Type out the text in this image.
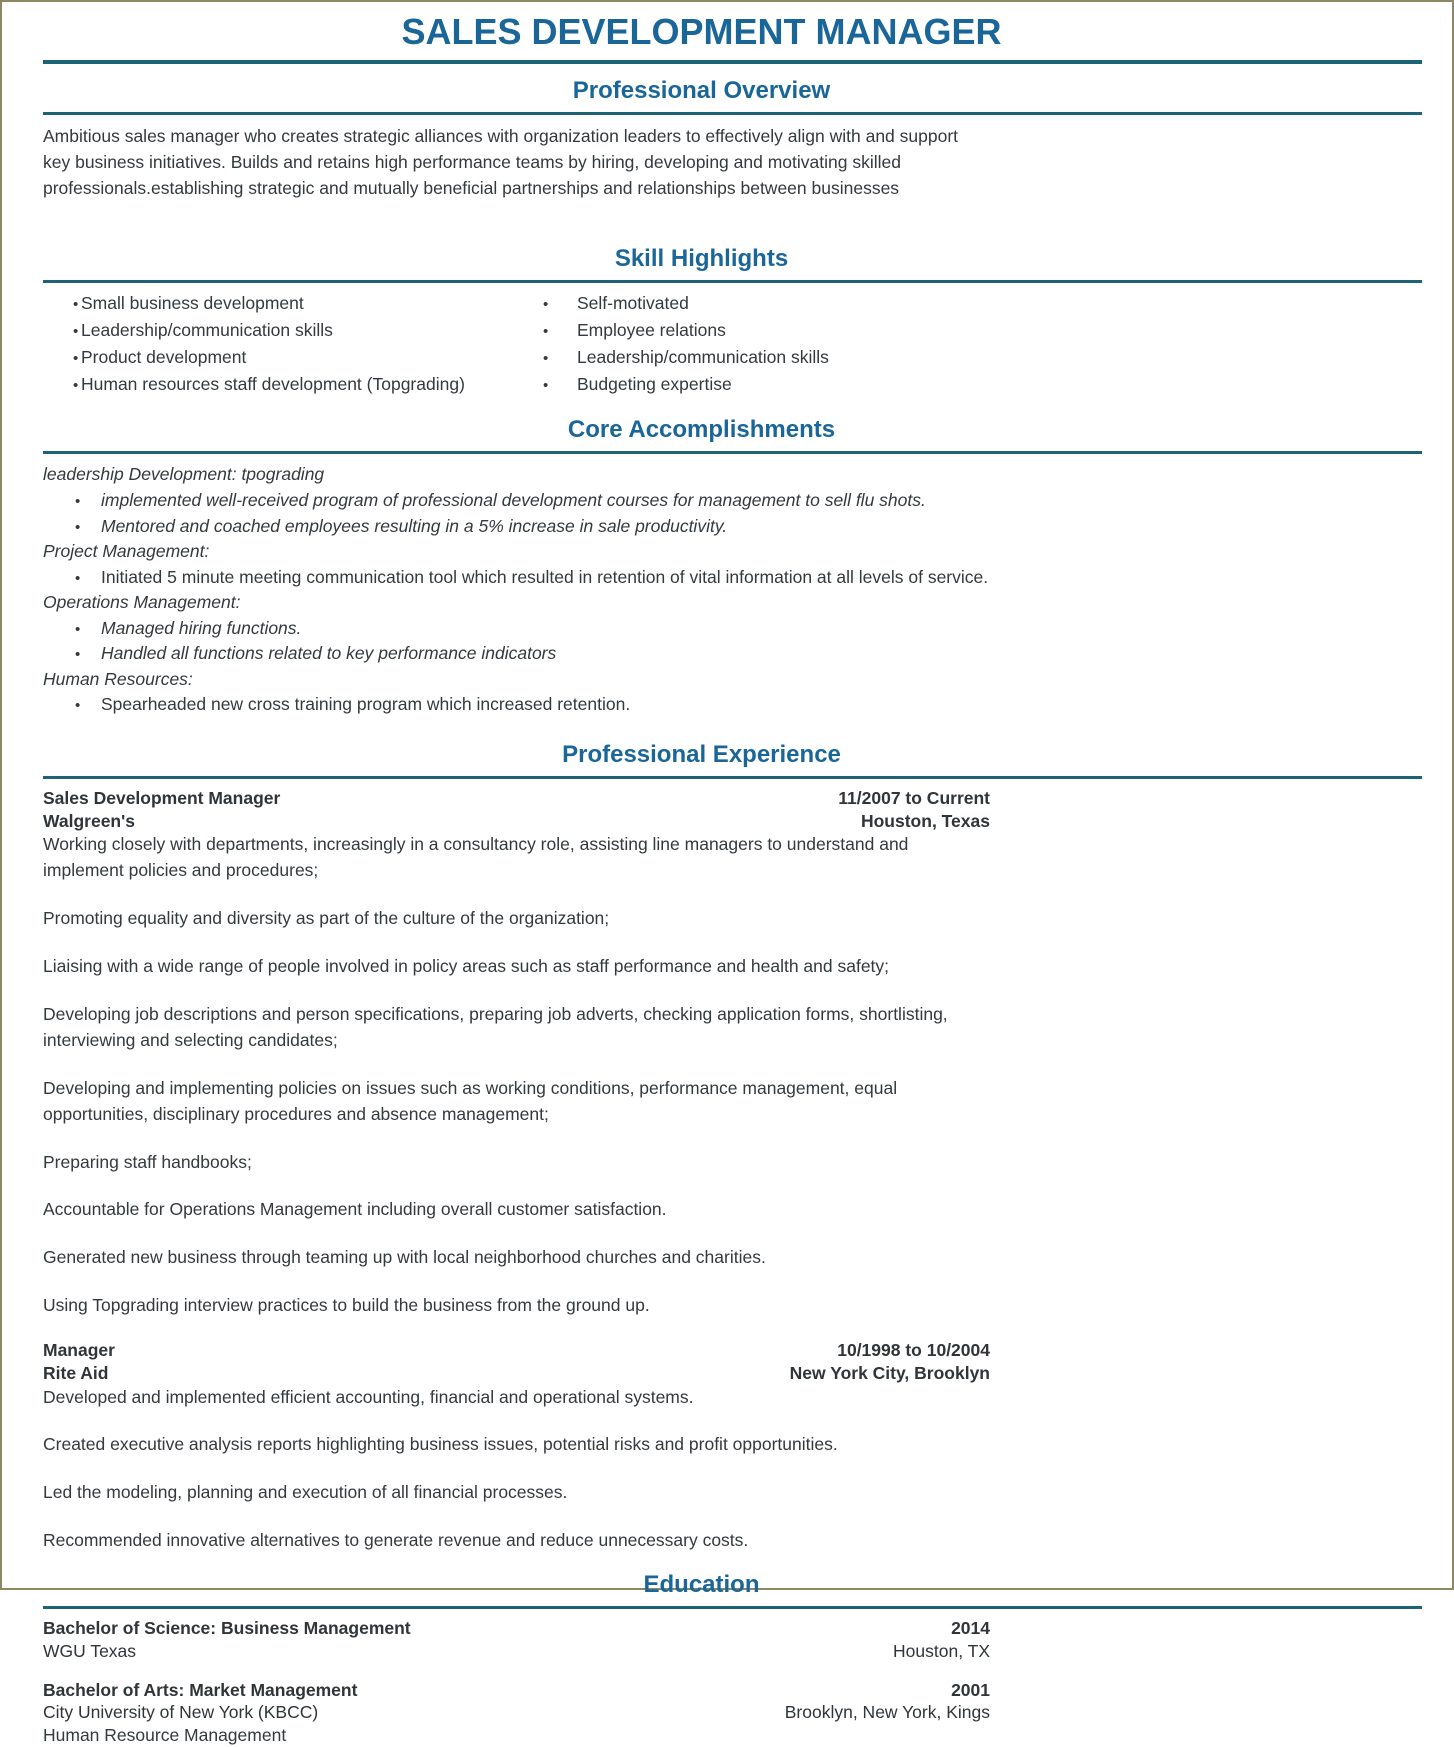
SALES DEVELOPMENT MANAGER
Professional Overview
Ambitious sales manager who creates strategic alliances with organization leaders to effectively align with and support key business initiatives. Builds and retains high performance teams by hiring, developing and motivating skilled professionals.establishing strategic and mutually beneficial partnerships and relationships between businesses
Skill Highlights
• Small business development
• Leadership/communication skills
• Product development
• Human resources staff development (Topgrading)
•	Self-motivated
•	Employee relations
•	Leadership/communication skills
•	Budgeting expertise
Core Accomplishments
leadership Development: tpograding
•	implemented well-received program of professional development courses for management to sell flu shots.
•	Mentored and coached employees resulting in a 5% increase in sale productivity.
Project Management:
•	Initiated 5 minute meeting communication tool which resulted in retention of vital information at all levels of service.
Operations Management:
•	Managed hiring functions.
•	Handled all functions related to key performance indicators
Human Resources:
•	Spearheaded new cross training program which increased retention.
Professional Experience
Sales Development Manager	11/2007 to Current
Walgreen's	Houston, Texas
Working closely with departments, increasingly in a consultancy role, assisting line managers to understand and implement policies and procedures;
Promoting equality and diversity as part of the culture of the organization;
Liaising with a wide range of people involved in policy areas such as staff performance and health and safety;
Developing job descriptions and person specifications, preparing job adverts, checking application forms, shortlisting, interviewing and selecting candidates;
Developing and implementing policies on issues such as working conditions, performance management, equal opportunities, disciplinary procedures and absence management;
Preparing staff handbooks;
Accountable for Operations Management including overall customer satisfaction.
Generated new business through teaming up with local neighborhood churches and charities.
Using Topgrading interview practices to build the business from the ground up.
Manager	10/1998 to 10/2004
Rite Aid	New York City, Brooklyn
Developed and implemented efficient accounting, financial and operational systems.
Created executive analysis reports highlighting business issues, potential risks and profit opportunities.
Led the modeling, planning and execution of all financial processes.
Recommended innovative alternatives to generate revenue and reduce unnecessary costs.
Education
Bachelor of Science: Business Management	2014
WGU Texas	Houston, TX
Bachelor of Arts: Market Management	2001
City University of New York (KBCC)	Brooklyn, New York, Kings
Human Resource Management
